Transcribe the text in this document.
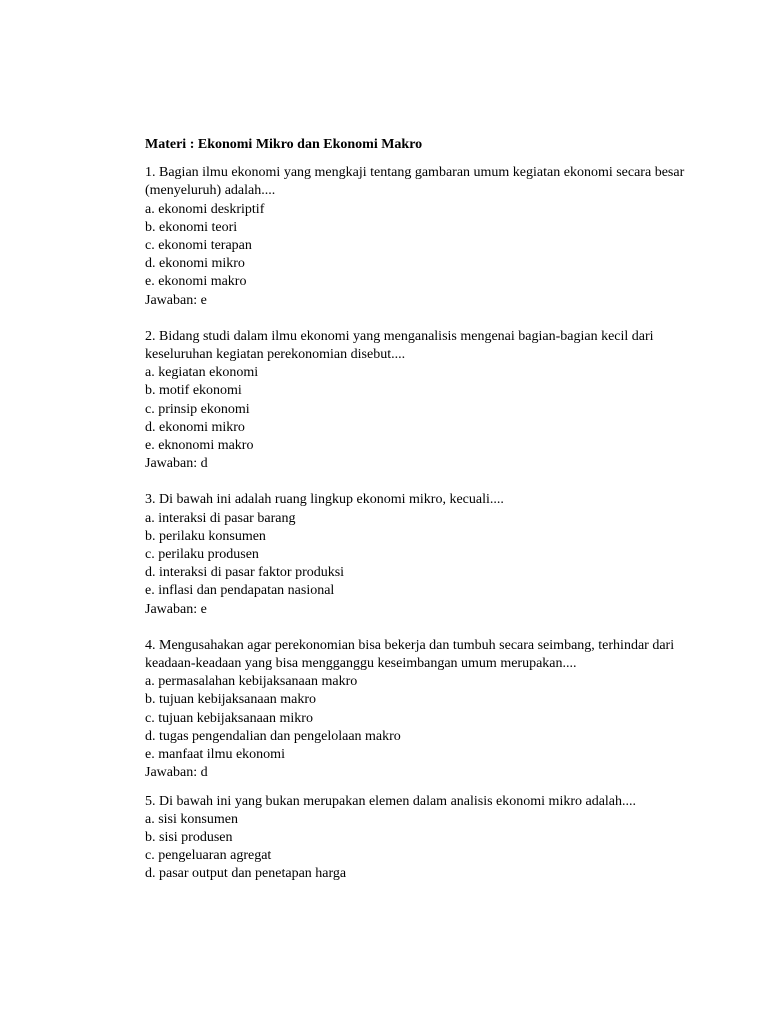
Materi : Ekonomi Mikro dan Ekonomi Makro
1. Bagian ilmu ekonomi yang mengkaji tentang gambaran umum kegiatan ekonomi secara besar (menyeluruh) adalah....
a. ekonomi deskriptif
b. ekonomi teori
c. ekonomi terapan
d. ekonomi mikro
e. ekonomi makro
Jawaban: e
2. Bidang studi dalam ilmu ekonomi yang menganalisis mengenai bagian-bagian kecil dari keseluruhan kegiatan perekonomian disebut....
a. kegiatan ekonomi
b. motif ekonomi
c. prinsip ekonomi
d. ekonomi mikro
e. eknonomi makro
Jawaban: d
3. Di bawah ini adalah ruang lingkup ekonomi mikro, kecuali....
a. interaksi di pasar barang
b. perilaku konsumen
c. perilaku produsen
d. interaksi di pasar faktor produksi
e. inflasi dan pendapatan nasional
Jawaban: e
4. Mengusahakan agar perekonomian bisa bekerja dan tumbuh secara seimbang, terhindar dari keadaan-keadaan yang bisa mengganggu keseimbangan umum merupakan....
a. permasalahan kebijaksanaan makro
b. tujuan kebijaksanaan makro
c. tujuan kebijaksanaan mikro
d. tugas pengendalian dan pengelolaan makro
e. manfaat ilmu ekonomi
Jawaban: d
5. Di bawah ini yang bukan merupakan elemen dalam analisis ekonomi mikro adalah....
a. sisi konsumen
b. sisi produsen
c. pengeluaran agregat
d. pasar output dan penetapan harga
